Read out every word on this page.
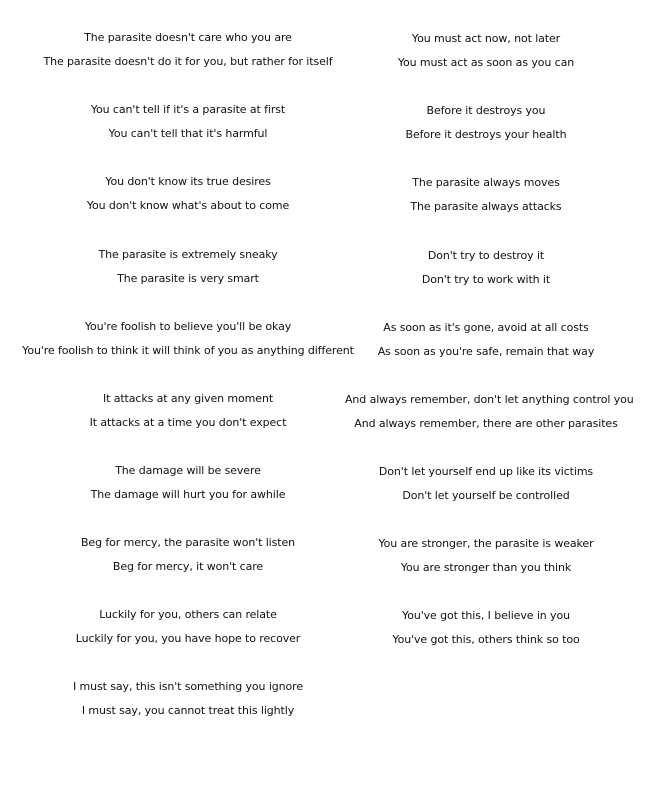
The parasite doesn't care who you are
The parasite doesn't do it for you, but rather for itself
You can't tell if it's a parasite at first
You can't tell that it's harmful
You don't know its true desires
You don't know what's about to come
The parasite is extremely sneaky
The parasite is very smart
You're foolish to believe you'll be okay
You're foolish to think it will think of you as anything different
It attacks at any given moment
It attacks at a time you don't expect
The damage will be severe
The damage will hurt you for awhile
Beg for mercy, the parasite won't listen
Beg for mercy, it won't care
Luckily for you, others can relate
Luckily for you, you have hope to recover
I must say, this isn't something you ignore
I must say, you cannot treat this lightly
You must act now, not later
You must act as soon as you can
Before it destroys you
Before it destroys your health
The parasite always moves
The parasite always attacks
Don't try to destroy it
Don't try to work with it
As soon as it's gone, avoid at all costs
As soon as you're safe, remain that way
And always remember, don't let anything control you
And always remember, there are other parasites
Don't let yourself end up like its victims
Don't let yourself be controlled
You are stronger, the parasite is weaker
You are stronger than you think
You've got this, I believe in you
You've got this, others think so too
